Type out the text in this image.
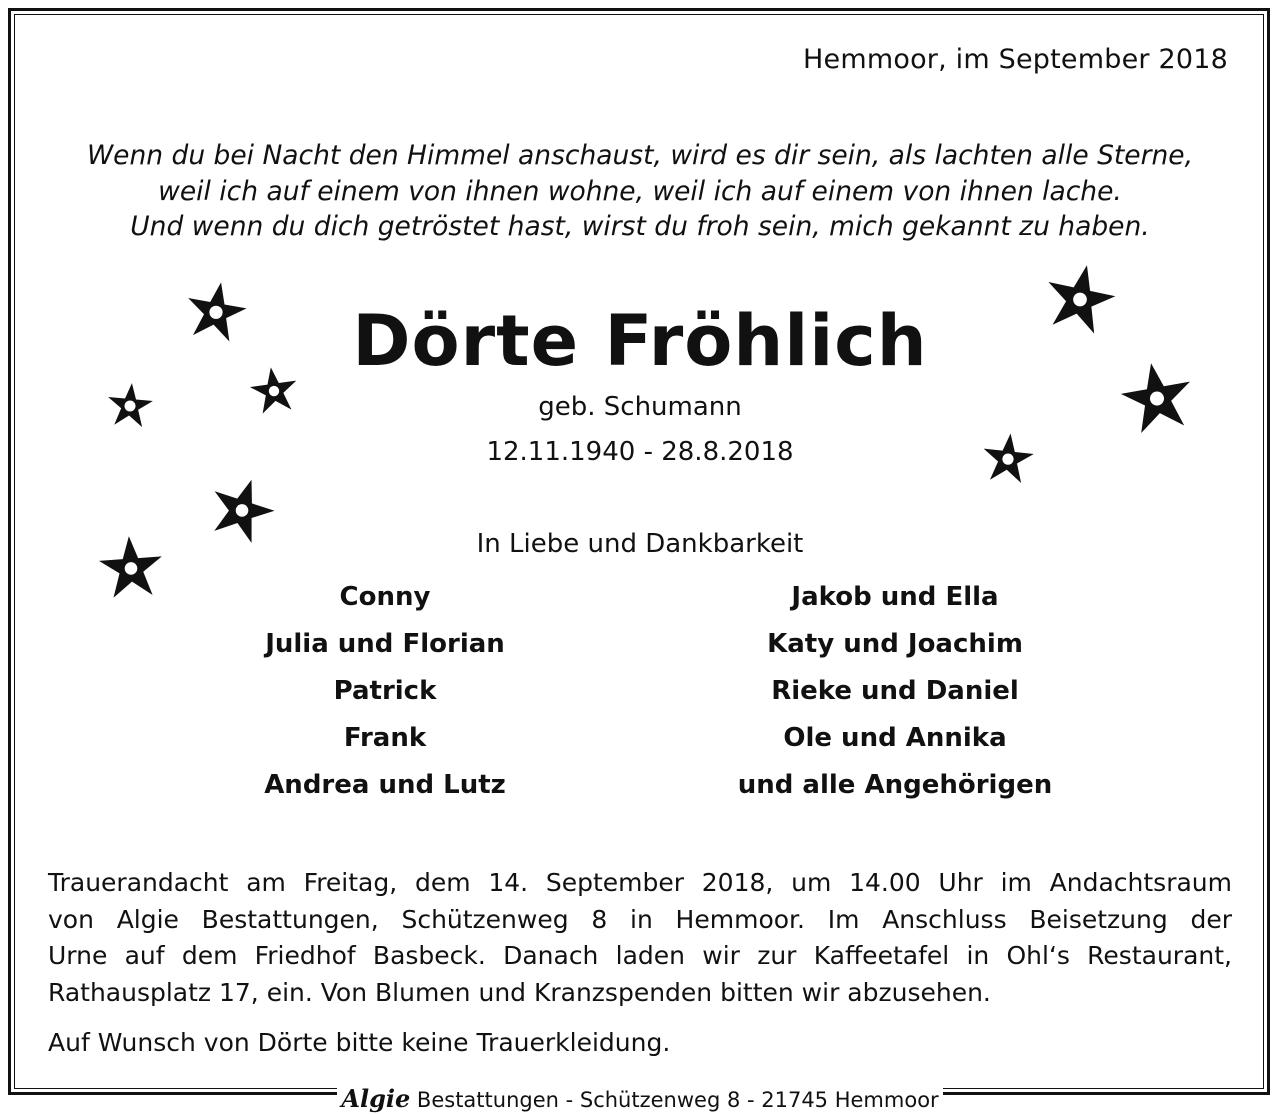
Hemmoor, im September 2018
Wenn du bei Nacht den Himmel anschaust, wird es dir sein, als lachten alle Sterne,
weil ich auf einem von ihnen wohne, weil ich auf einem von ihnen lache.
Und wenn du dich getröstet hast, wirst du froh sein, mich gekannt zu haben.
Dörte Fröhlich
geb. Schumann
12.11.1940 - 28.8.2018
In Liebe und Dankbarkeit
Conny
Julia und Florian
Patrick
Frank
Andrea und Lutz
Jakob und Ella
Katy und Joachim
Rieke und Daniel
Ole und Annika
und alle Angehörigen
Trauerandacht am Freitag, dem 14. September 2018, um 14.00 Uhr im Andachtsraum
von Algie Bestattungen, Schützenweg 8 in Hemmoor. Im Anschluss Beisetzung der
Urne auf dem Friedhof Basbeck. Danach laden wir zur Kaffeetafel in Ohl‘s Restaurant,
Rathausplatz 17, ein. Von Blumen und Kranzspenden bitten wir abzusehen.
Auf Wunsch von Dörte bitte keine Trauerkleidung.
Algie Bestattungen - Schützenweg 8 - 21745 Hemmoor
